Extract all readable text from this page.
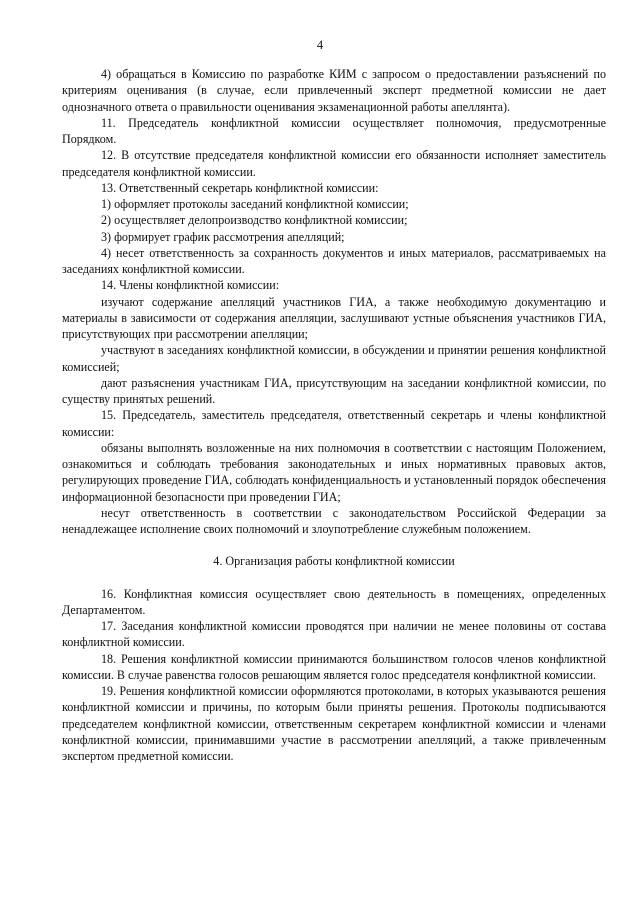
4

4) обращаться в Комиссию по разработке КИМ с запросом о предоставлении разъяснений по критериям оценивания (в случае, если привлеченный эксперт предметной комиссии не дает однозначного ответа о правильности оценивания экзаменационной работы апеллянта).

11. Председатель конфликтной комиссии осуществляет полномочия, предусмотренные Порядком.

12. В отсутствие председателя конфликтной комиссии его обязанности исполняет заместитель председателя конфликтной комиссии.

13. Ответственный секретарь конфликтной комиссии:

1) оформляет протоколы заседаний конфликтной комиссии;

2) осуществляет делопроизводство конфликтной комиссии;

3) формирует график рассмотрения апелляций;

4) несет ответственность за сохранность документов и иных материалов, рассматриваемых на заседаниях конфликтной комиссии.

14. Члены конфликтной комиссии:

изучают содержание апелляций участников ГИА, а также необходимую документацию и материалы в зависимости от содержания апелляции, заслушивают устные объяснения участников ГИА, присутствующих при рассмотрении апелляции;

участвуют в заседаниях конфликтной комиссии, в обсуждении и принятии решения конфликтной комиссией;

дают разъяснения участникам ГИА, присутствующим на заседании конфликтной комиссии, по существу принятых решений.

15. Председатель, заместитель председателя, ответственный секретарь и члены конфликтной комиссии:

обязаны выполнять возложенные на них полномочия в соответствии с настоящим Положением, ознакомиться и соблюдать требования законодательных и иных нормативных правовых актов, регулирующих проведение ГИА, соблюдать конфиденциальность и установленный порядок обеспечения информационной безопасности при проведении ГИА;

несут ответственность в соответствии с законодательством Российской Федерации за ненадлежащее исполнение своих полномочий и злоупотребление служебным положением.

4. Организация работы конфликтной комиссии

16. Конфликтная комиссия осуществляет свою деятельность в помещениях, определенных Департаментом.

17. Заседания конфликтной комиссии проводятся при наличии не менее половины от состава конфликтной комиссии.

18. Решения конфликтной комиссии принимаются большинством голосов членов конфликтной комиссии. В случае равенства голосов решающим является голос председателя конфликтной комиссии.

19. Решения конфликтной комиссии оформляются протоколами, в которых указываются решения конфликтной комиссии и причины, по которым были приняты решения. Протоколы подписываются председателем конфликтной комиссии, ответственным секретарем конфликтной комиссии и членами конфликтной комиссии, принимавшими участие в рассмотрении апелляций, а также привлеченным экспертом предметной комиссии.
